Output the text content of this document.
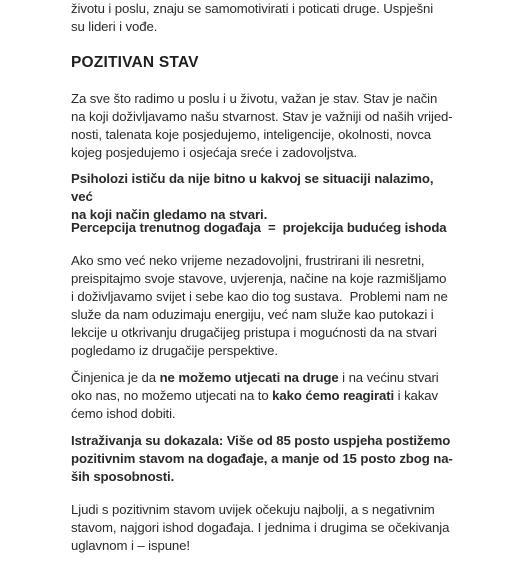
životu i poslu, znaju se samomotivirati i poticati druge. Uspješni

su lideri i vođe.

POZITIVAN STAV

Za sve što radimo u poslu i u životu, važan je stav. Stav je način

na koji doživljavamo našu stvarnost. Stav je važniji od naših vrijed-

nosti, talenata koje posjedujemo, inteligencije, okolnosti, novca

kojeg posjedujemo i osjećaja sreće i zadovoljstva.

Psiholozi ističu da nije bitno u kakvoj se situaciji nalazimo, već

na koji način gledamo na stvari.

Percepcija trenutnog događaja  =  projekcija budućeg ishoda

Ako smo već neko vrijeme nezadovoljni, frustrirani ili nesretni,

preispitajmo svoje stavove, uvjerenja, načine na koje razmišljamo

i doživljavamo svijet i sebe kao dio tog sustava.  Problemi nam ne

služe da nam oduzimaju energiju, već nam služe kao putokazi i

lekcije u otkrivanju drugačijeg pristupa i mogućnosti da na stvari

pogledamo iz drugačije perspektive.

Činjenica je da ne možemo utjecati na druge i na većinu stvari

oko nas, no možemo utjecati na to kako ćemo reagirati i kakav

ćemo ishod dobiti.

Istraživanja su dokazala: Više od 85 posto uspjeha postižemo

pozitivnim stavom na događaje, a manje od 15 posto zbog na-

ših sposobnosti.

Ljudi s pozitivnim stavom uvijek očekuju najbolji, a s negativnim

stavom, najgori ishod događaja. I jednima i drugima se očekivanja

uglavnom i – ispune!
